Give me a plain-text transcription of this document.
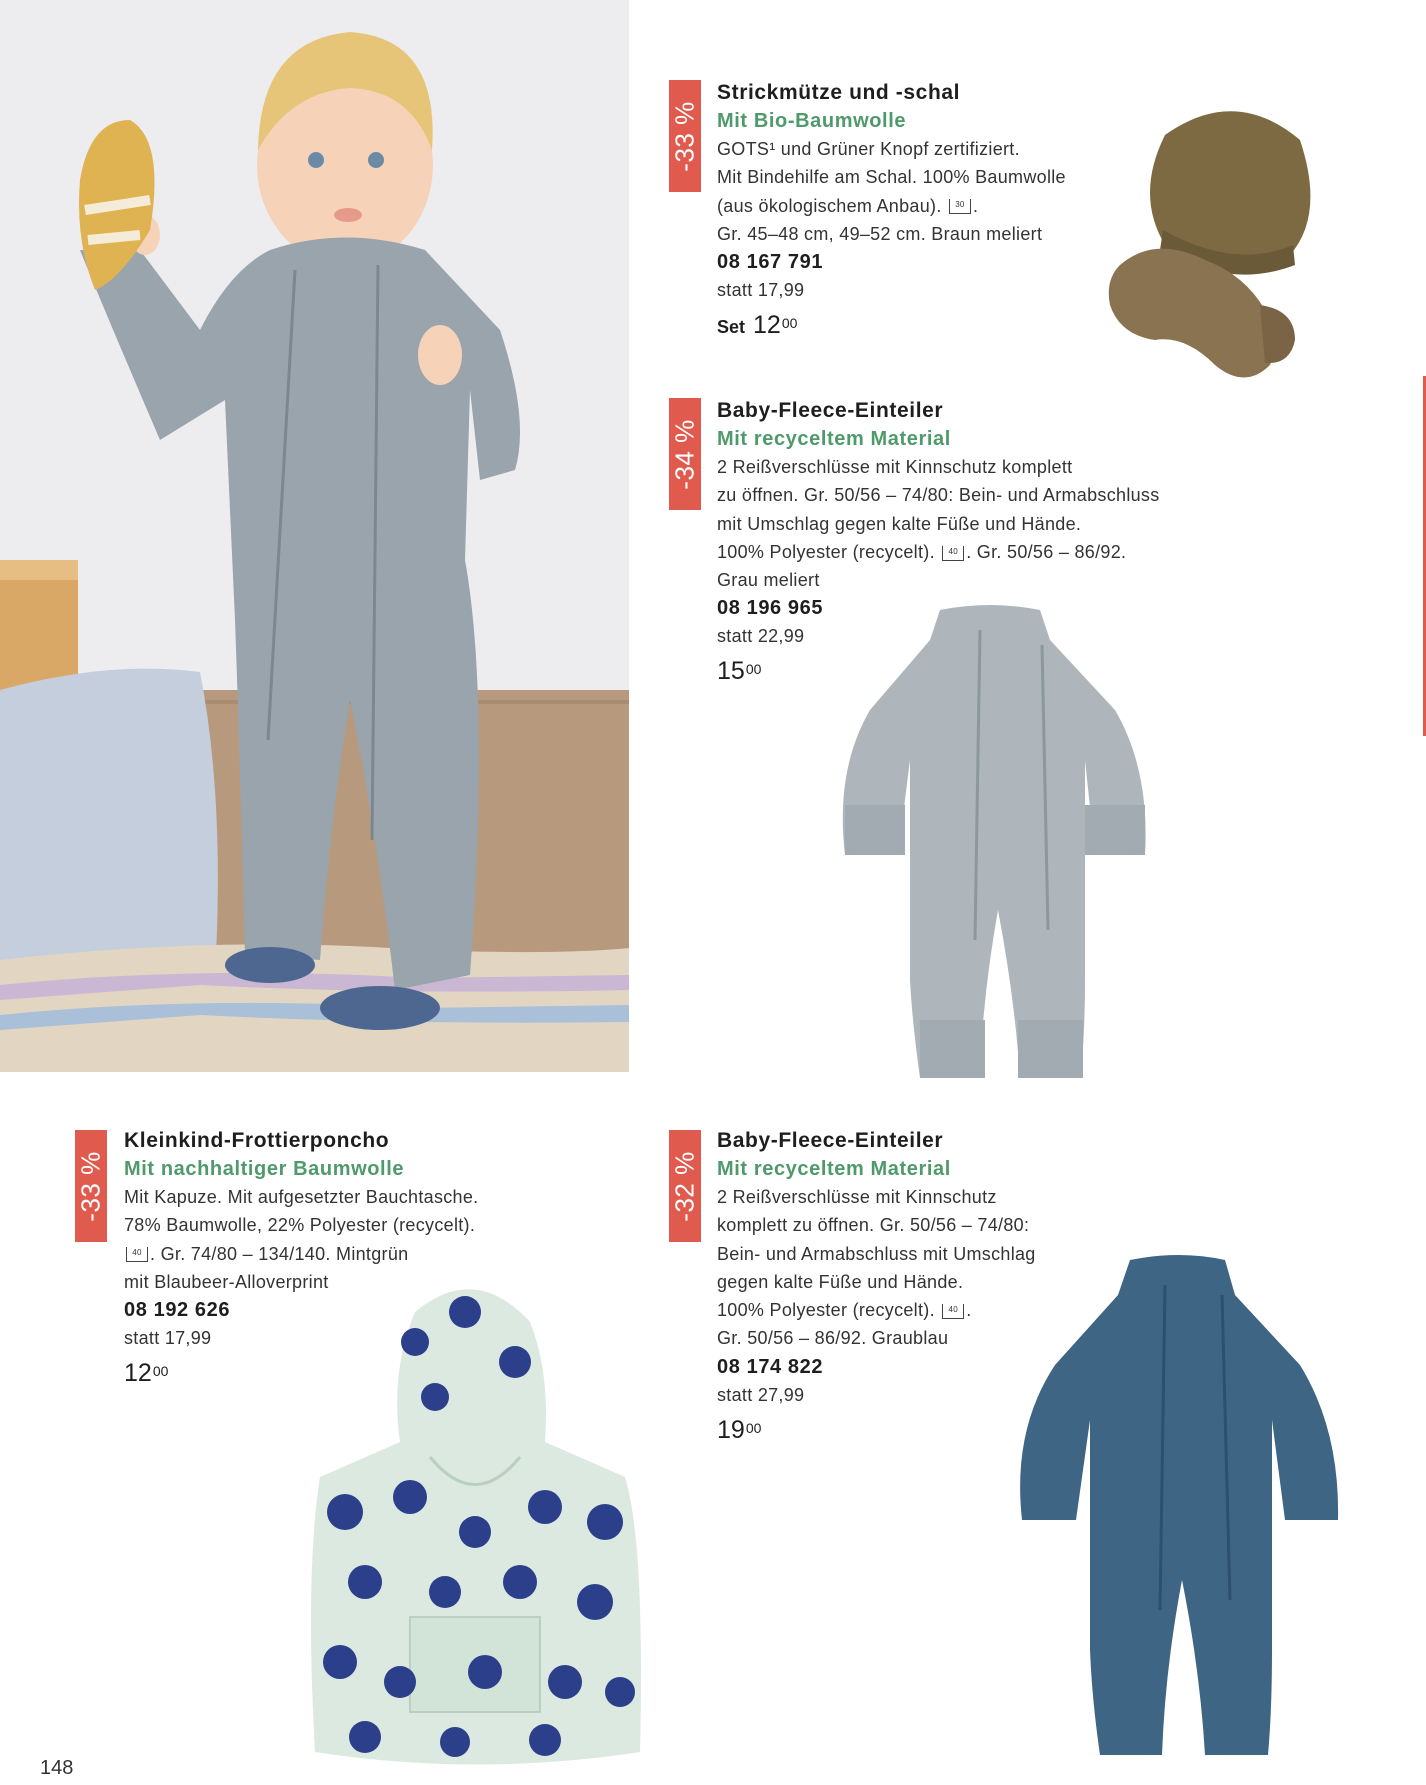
-33 %
Strickmütze und -schal
Mit Bio-Baumwolle
GOTS¹ und Grüner Knopf zertifiziert.
Mit Bindehilfe am Schal. 100% Baumwolle
(aus ökologischem Anbau). 30 .
Gr. 45–48 cm, 49–52 cm. Braun meliert
08 167 791
statt 17,99
Set $12^{00}$
-34 %
Baby-Fleece-Einteiler
Mit recyceltem Material
2 Reißverschlüsse mit Kinnschutz komplett
zu öffnen. Gr. 50/56 – 74/80: Bein- und Armabschluss
mit Umschlag gegen kalte Füße und Hände.
100% Polyester (recycelt). 40 . Gr. 50/56 – 86/92.
Grau meliert
08 196 965
statt 22,99
$15^{00}$
-33 %
Kleinkind-Frottierponcho
Mit nachhaltiger Baumwolle
Mit Kapuze. Mit aufgesetzter Bauchtasche.
78% Baumwolle, 22% Polyester (recycelt).
40 . Gr. 74/80 – 134/140. Mintgrün
mit Blaubeer-Alloverprint
08 192 626
statt 17,99
$12^{00}$
-32 %
Baby-Fleece-Einteiler
Mit recyceltem Material
2 Reißverschlüsse mit Kinnschutz
komplett zu öffnen. Gr. 50/56 – 74/80:
Bein- und Armabschluss mit Umschlag
gegen kalte Füße und Hände.
100% Polyester (recycelt). 40 .
Gr. 50/56 – 86/92. Graublau
08 174 822
statt 27,99
$19^{00}$
148
